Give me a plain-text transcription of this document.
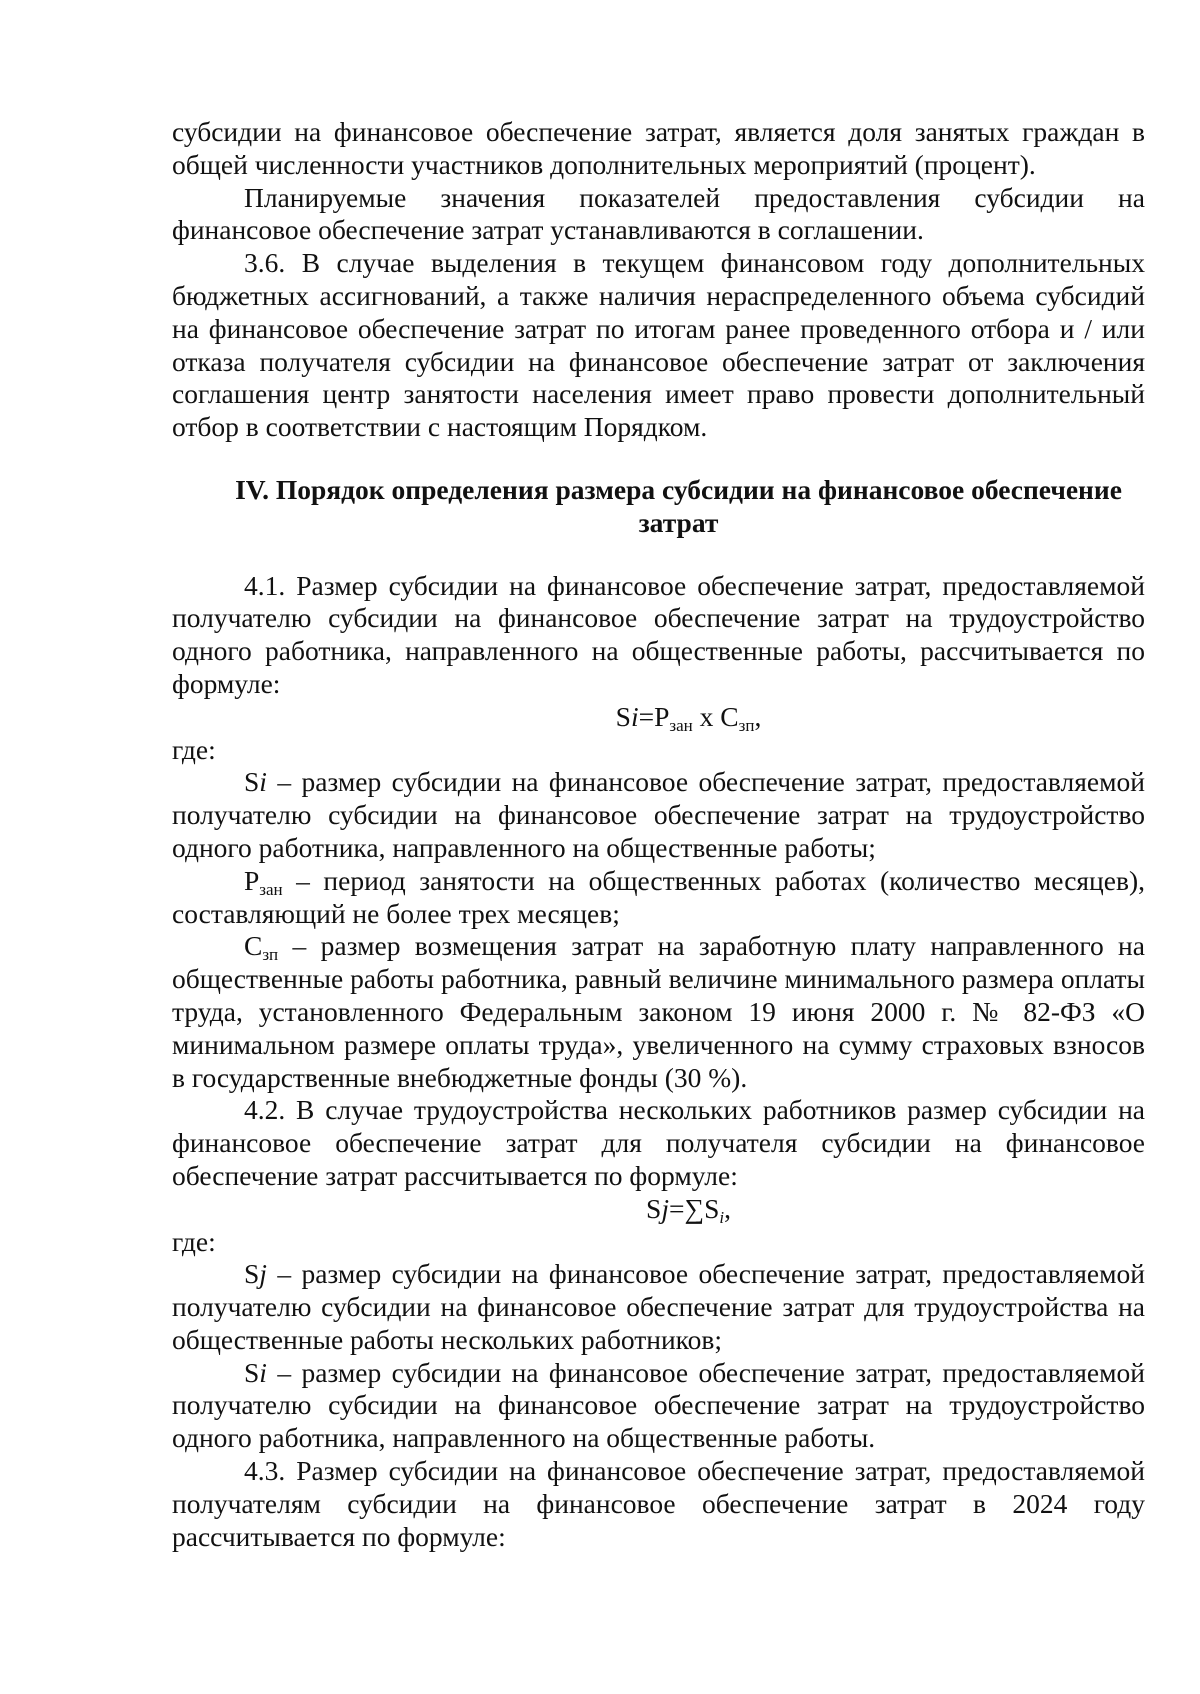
субсидии на финансовое обеспечение затрат, является доля занятых граждан в общей численности участников дополнительных мероприятий (процент).

Планируемые значения показателей предоставления субсидии на финансовое обеспечение затрат устанавливаются в соглашении.

3.6. В случае выделения в текущем финансовом году дополнительных бюджетных ассигнований, а также наличия нераспределенного объема субсидий на финансовое обеспечение затрат по итогам ранее проведенного отбора и / или отказа получателя субсидии на финансовое обеспечение затрат от заключения соглашения центр занятости населения имеет право провести дополнительный отбор в соответствии с настоящим Порядком.

IV. Порядок определения размера субсидии на финансовое обеспечение затрат

4.1. Размер субсидии на финансовое обеспечение затрат, предоставляемой получателю субсидии на финансовое обеспечение затрат на трудоустройство одного работника, направленного на общественные работы, рассчитывается по формуле:

$Si=P_{зан}$ x $C_{зп}$,

где:

Si – размер субсидии на финансовое обеспечение затрат, предоставляемой получателю субсидии на финансовое обеспечение затрат на трудоустройство одного работника, направленного на общественные работы;

$P_{зан}$ – период занятости на общественных работах (количество месяцев), составляющий не более трех месяцев;

$C_{зп}$ – размер возмещения затрат на заработную плату направленного на общественные работы работника, равный величине минимального размера оплаты труда, установленного Федеральным законом 19 июня 2000 г. № 82-ФЗ «О минимальном размере оплаты труда», увеличенного на сумму страховых взносов в государственные внебюджетные фонды (30 %).

4.2. В случае трудоустройства нескольких работников размер субсидии на финансовое обеспечение затрат для получателя субсидии на финансовое обеспечение затрат рассчитывается по формуле:

$Sj=\sum S_i$,

где:

Sj – размер субсидии на финансовое обеспечение затрат, предоставляемой получателю субсидии на финансовое обеспечение затрат для трудоустройства на общественные работы нескольких работников;

Si – размер субсидии на финансовое обеспечение затрат, предоставляемой получателю субсидии на финансовое обеспечение затрат на трудоустройство одного работника, направленного на общественные работы.

4.3. Размер субсидии на финансовое обеспечение затрат, предоставляемой получателям субсидии на финансовое обеспечение затрат в 2024 году рассчитывается по формуле:
